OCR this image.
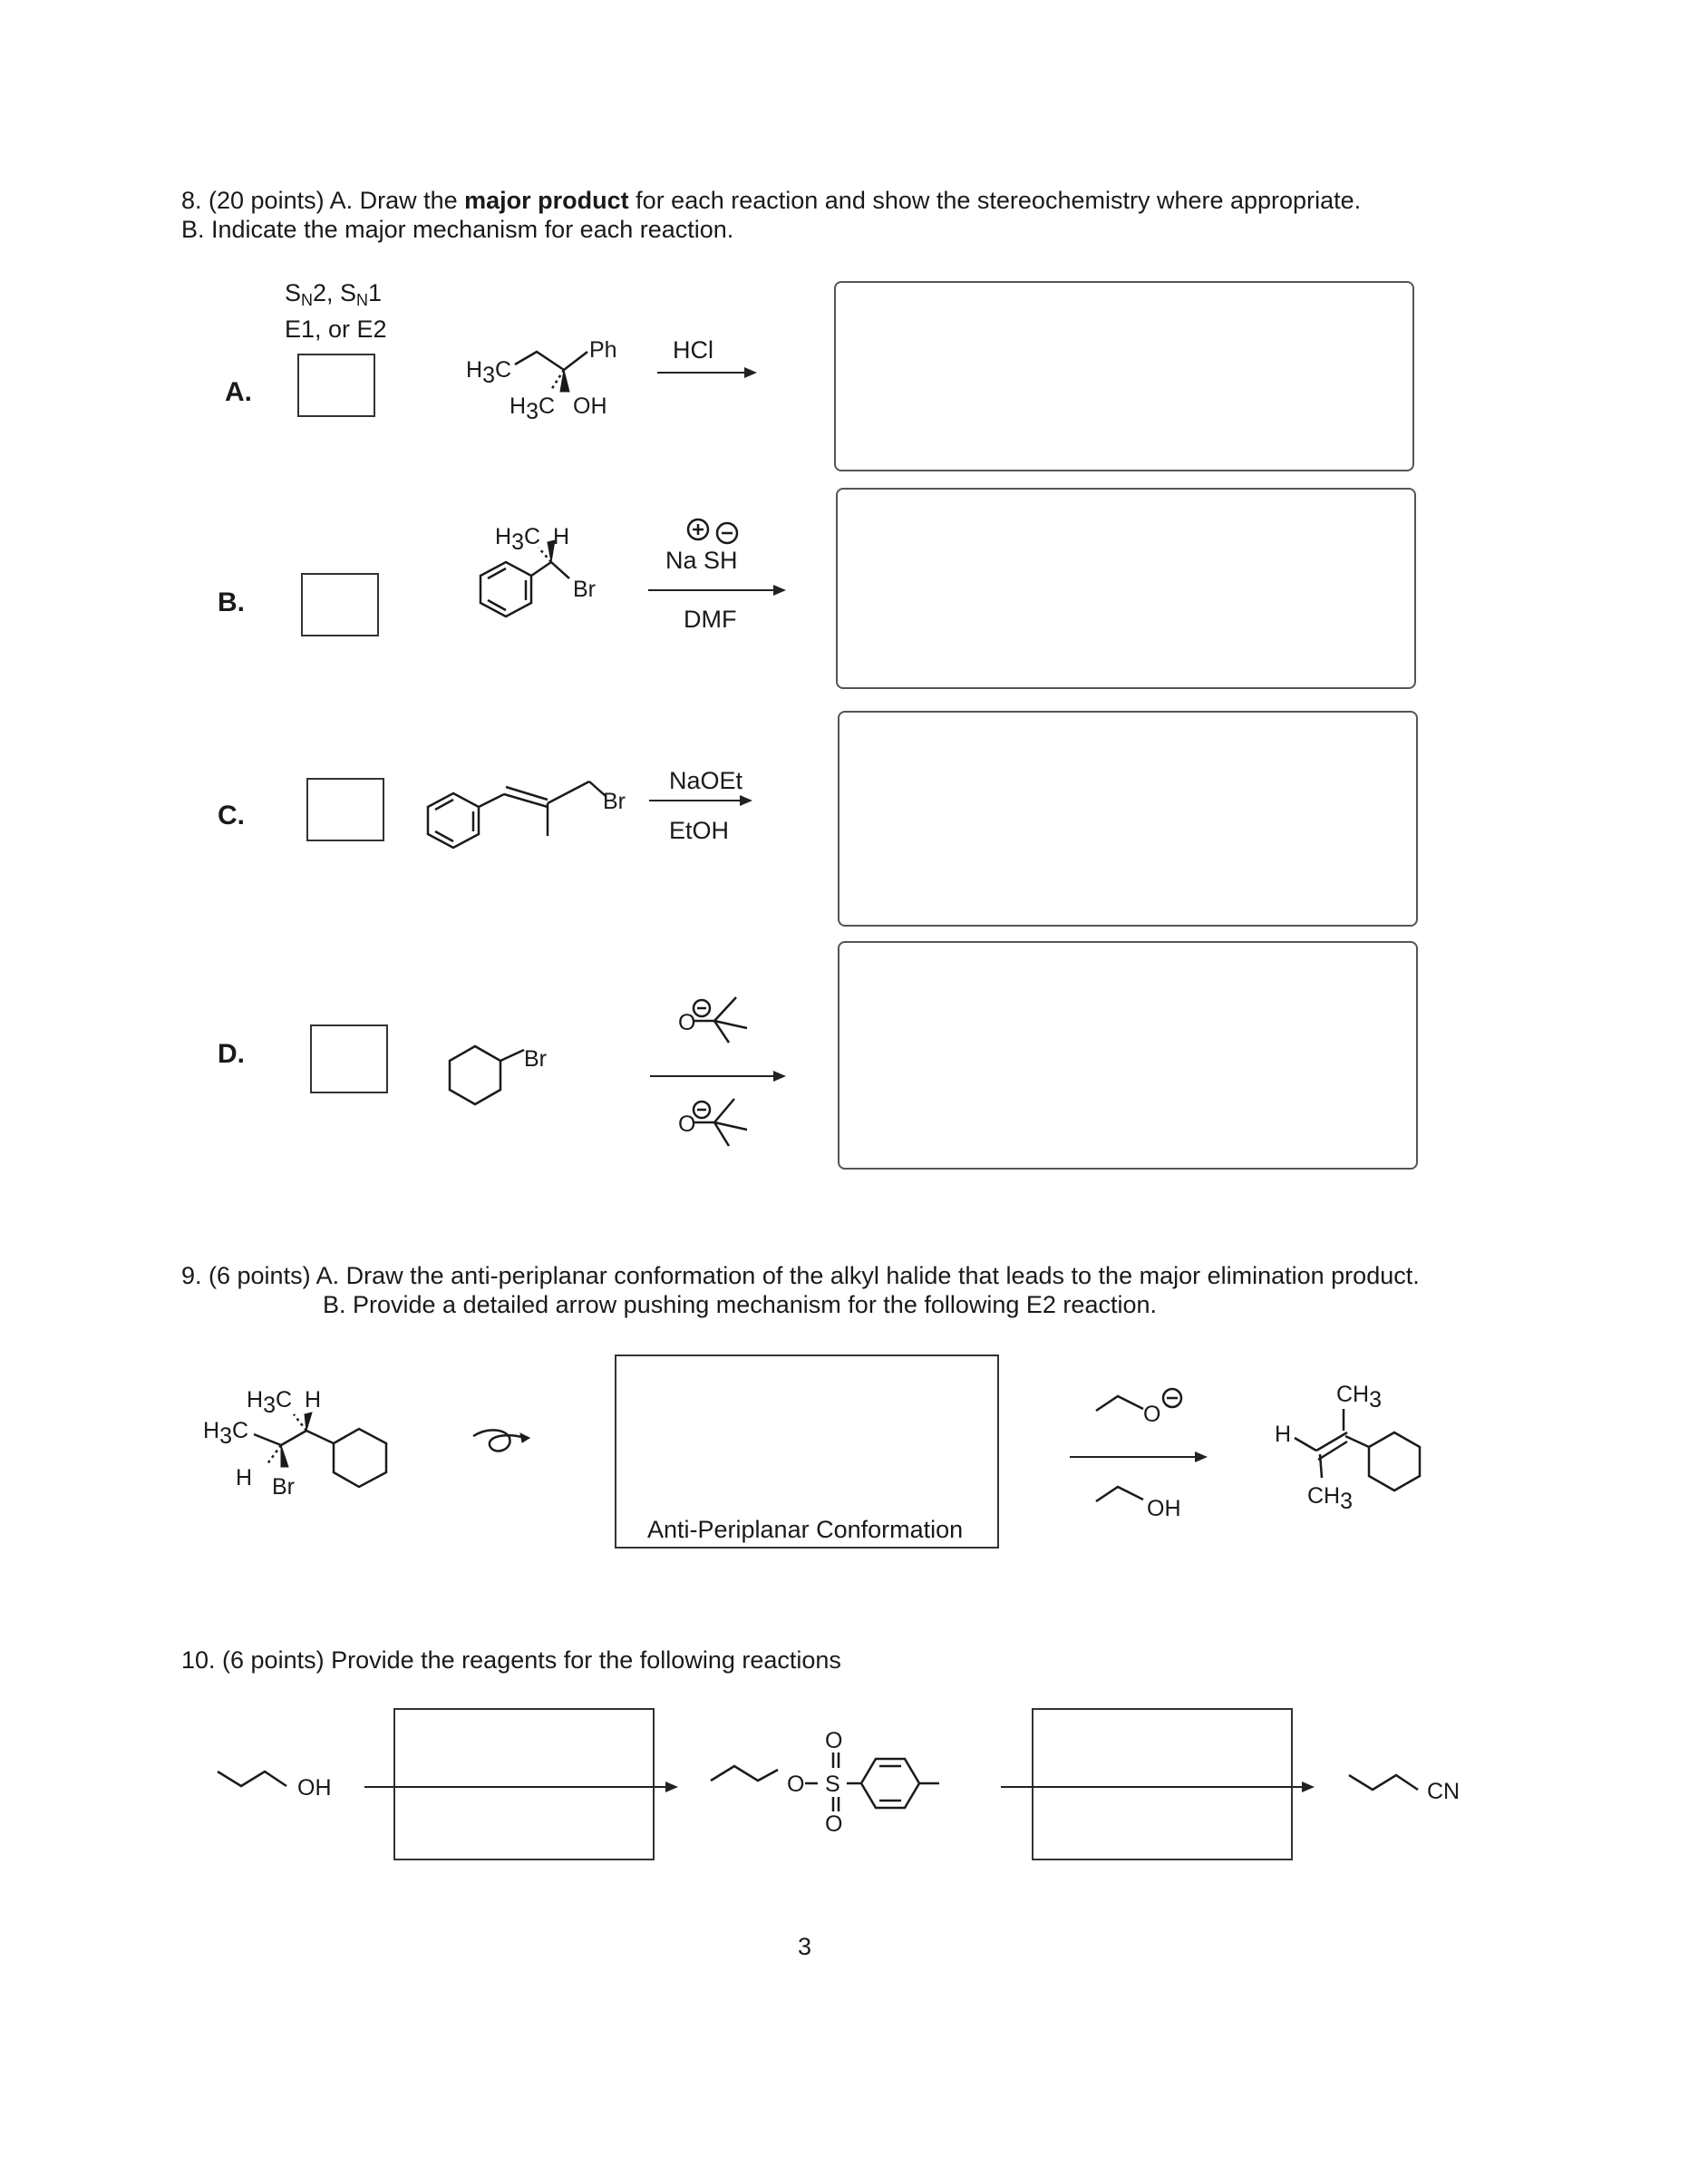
8. (20 points) A. Draw the major product for each reaction and show the stereochemistry where appropriate.
B. Indicate the major mechanism for each reaction.
SN2, SN1
E1, or E2
A.
B.
C.
D.
H3C
Ph
H3C OH
HCl
H3C H
Br
Na SH
DMF
Br
NaOEt
EtOH
Br
O
O
9. (6 points) A. Draw the anti-periplanar conformation of the alkyl halide that leads to the major elimination product.
B. Provide a detailed arrow pushing mechanism for the following E2 reaction.
H3C H
H3C
H Br
Anti-Periplanar Conformation
O
OH
CH3
H
CH3
10. (6 points) Provide the reagents for the following reactions
OH	O
O
S
O
CN
3
